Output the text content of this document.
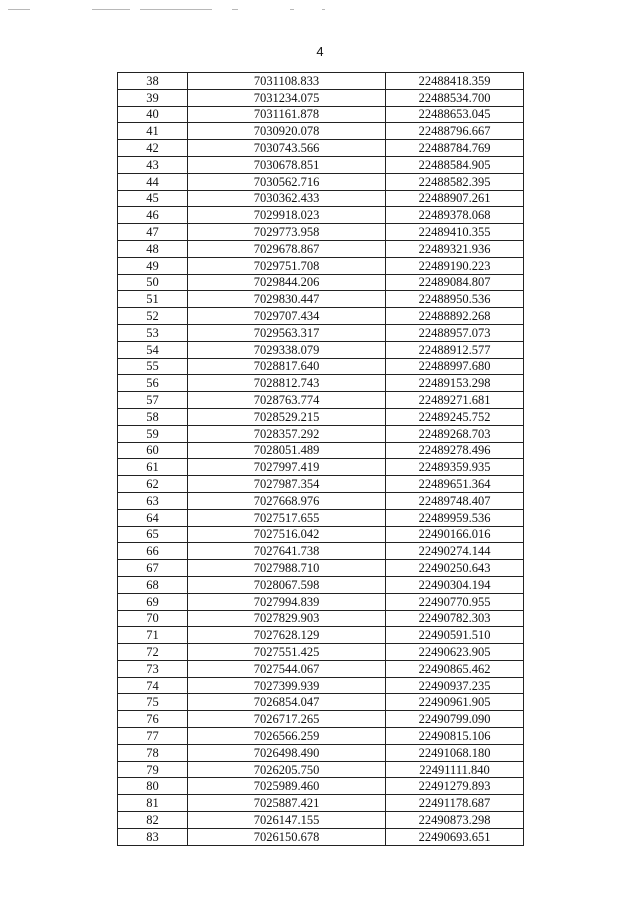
4
38	7031108.833	22488418.359
39	7031234.075	22488534.700
40	7031161.878	22488653.045
41	7030920.078	22488796.667
42	7030743.566	22488784.769
43	7030678.851	22488584.905
44	7030562.716	22488582.395
45	7030362.433	22488907.261
46	7029918.023	22489378.068
47	7029773.958	22489410.355
48	7029678.867	22489321.936
49	7029751.708	22489190.223
50	7029844.206	22489084.807
51	7029830.447	22488950.536
52	7029707.434	22488892.268
53	7029563.317	22488957.073
54	7029338.079	22488912.577
55	7028817.640	22488997.680
56	7028812.743	22489153.298
57	7028763.774	22489271.681
58	7028529.215	22489245.752
59	7028357.292	22489268.703
60	7028051.489	22489278.496
61	7027997.419	22489359.935
62	7027987.354	22489651.364
63	7027668.976	22489748.407
64	7027517.655	22489959.536
65	7027516.042	22490166.016
66	7027641.738	22490274.144
67	7027988.710	22490250.643
68	7028067.598	22490304.194
69	7027994.839	22490770.955
70	7027829.903	22490782.303
71	7027628.129	22490591.510
72	7027551.425	22490623.905
73	7027544.067	22490865.462
74	7027399.939	22490937.235
75	7026854.047	22490961.905
76	7026717.265	22490799.090
77	7026566.259	22490815.106
78	7026498.490	22491068.180
79	7026205.750	22491111.840
80	7025989.460	22491279.893
81	7025887.421	22491178.687
82	7026147.155	22490873.298
83	7026150.678	22490693.651
